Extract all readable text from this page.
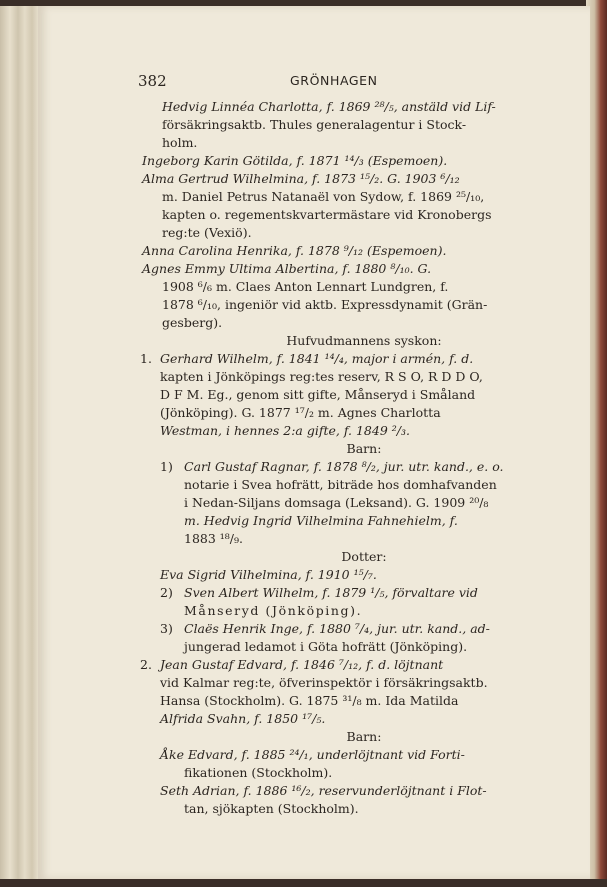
382	GRÖNHAGEN

Hedvig Linnéa Charlotta, f. 1869 ²⁸/₅, anstäld vid Lif-

försäkringsaktb. Thules generalagentur i Stock-

holm.

Ingeborg Karin Götilda, f. 1871 ¹⁴/₃ (Espemoen).

Alma Gertrud Wilhelmina, f. 1873 ¹⁵/₂. G. 1903 ⁶/₁₂

m. Daniel Petrus Natanaël von Sydow, f. 1869 ²⁵/₁₀,

kapten o. regementskvartermästare vid Kronobergs

reg:te (Vexiö).

Anna Carolina Henrika, f. 1878 ⁹/₁₂ (Espemoen).

Agnes Emmy Ultima Albertina, f. 1880 ⁸/₁₀. G.

1908 ⁶/₆ m. Claes Anton Lennart Lundgren, f.

1878 ⁶/₁₀, ingeniör vid aktb. Expressdynamit (Grän-

gesberg).

Hufvudmannens syskon:

1. Gerhard Wilhelm, f. 1841 ¹⁴/₄, major i armén, f. d.

kapten i Jönköpings reg:tes reserv, R S O, R D D O,

D F M. Eg., genom sitt gifte, Månseryd i Småland

(Jönköping). G. 1877 ¹⁷/₂ m. Agnes Charlotta

Westman, i hennes 2:a gifte, f. 1849 ²/₃.

Barn:

1) Carl Gustaf Ragnar, f. 1878 ⁸/₂, jur. utr. kand., e. o.

notarie i Svea hofrätt, biträde hos domhafvanden

i Nedan-Siljans domsaga (Leksand). G. 1909 ²⁰/₈

m. Hedvig Ingrid Vilhelmina Fahnehielm, f.

1883 ¹⁸/₉.

Dotter:

Eva Sigrid Vilhelmina, f. 1910 ¹⁵/₇.

2) Sven Albert Wilhelm, f. 1879 ¹/₅, förvaltare vid

Månseryd (Jönköping).

3) Claës Henrik Inge, f. 1880 ⁷/₄, jur. utr. kand., ad-

jungerad ledamot i Göta hofrätt (Jönköping).

2. Jean Gustaf Edvard, f. 1846 ⁷/₁₂, f. d. löjtnant

vid Kalmar reg:te, öfverinspektör i försäkringsaktb.

Hansa (Stockholm). G. 1875 ³¹/₈ m. Ida Matilda

Alfrida Svahn, f. 1850 ¹⁷/₅.

Barn:

Åke Edvard, f. 1885 ²⁴/₁, underlöjtnant vid Forti-

fikationen (Stockholm).

Seth Adrian, f. 1886 ¹⁶/₂, reservunderlöjtnant i Flot-

tan, sjökapten (Stockholm).
